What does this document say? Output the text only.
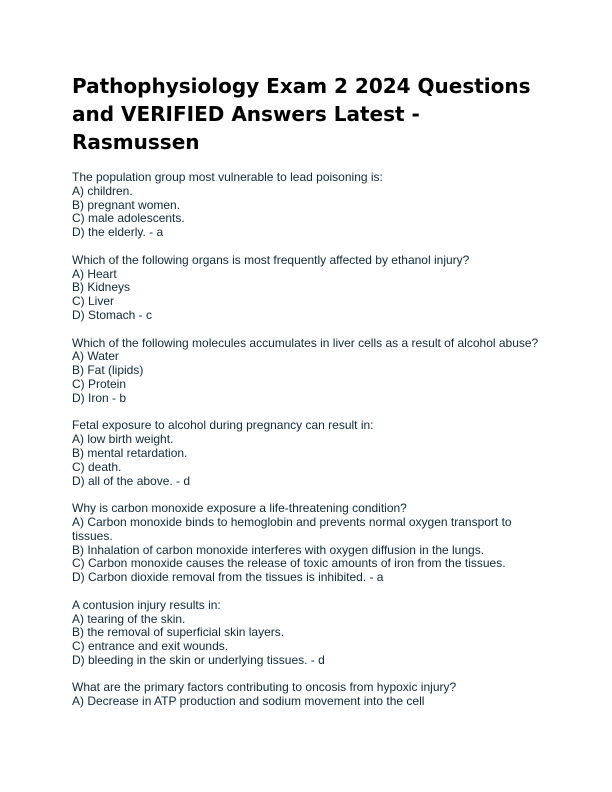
Pathophysiology Exam 2 2024 Questions and VERIFIED Answers Latest - Rasmussen
The population group most vulnerable to lead poisoning is:
A) children.
B) pregnant women.
C) male adolescents.
D) the elderly. - a
Which of the following organs is most frequently affected by ethanol injury?
A) Heart
B) Kidneys
C) Liver
D) Stomach - c
Which of the following molecules accumulates in liver cells as a result of alcohol abuse?
A) Water
B) Fat (lipids)
C) Protein
D) Iron - b
Fetal exposure to alcohol during pregnancy can result in:
A) low birth weight.
B) mental retardation.
C) death.
D) all of the above. - d
Why is carbon monoxide exposure a life-threatening condition?
A) Carbon monoxide binds to hemoglobin and prevents normal oxygen transport to tissues.
B) Inhalation of carbon monoxide interferes with oxygen diffusion in the lungs.
C) Carbon monoxide causes the release of toxic amounts of iron from the tissues.
D) Carbon dioxide removal from the tissues is inhibited. - a
A contusion injury results in:
A) tearing of the skin.
B) the removal of superficial skin layers.
C) entrance and exit wounds.
D) bleeding in the skin or underlying tissues. - d
What are the primary factors contributing to oncosis from hypoxic injury?
A) Decrease in ATP production and sodium movement into the cell
